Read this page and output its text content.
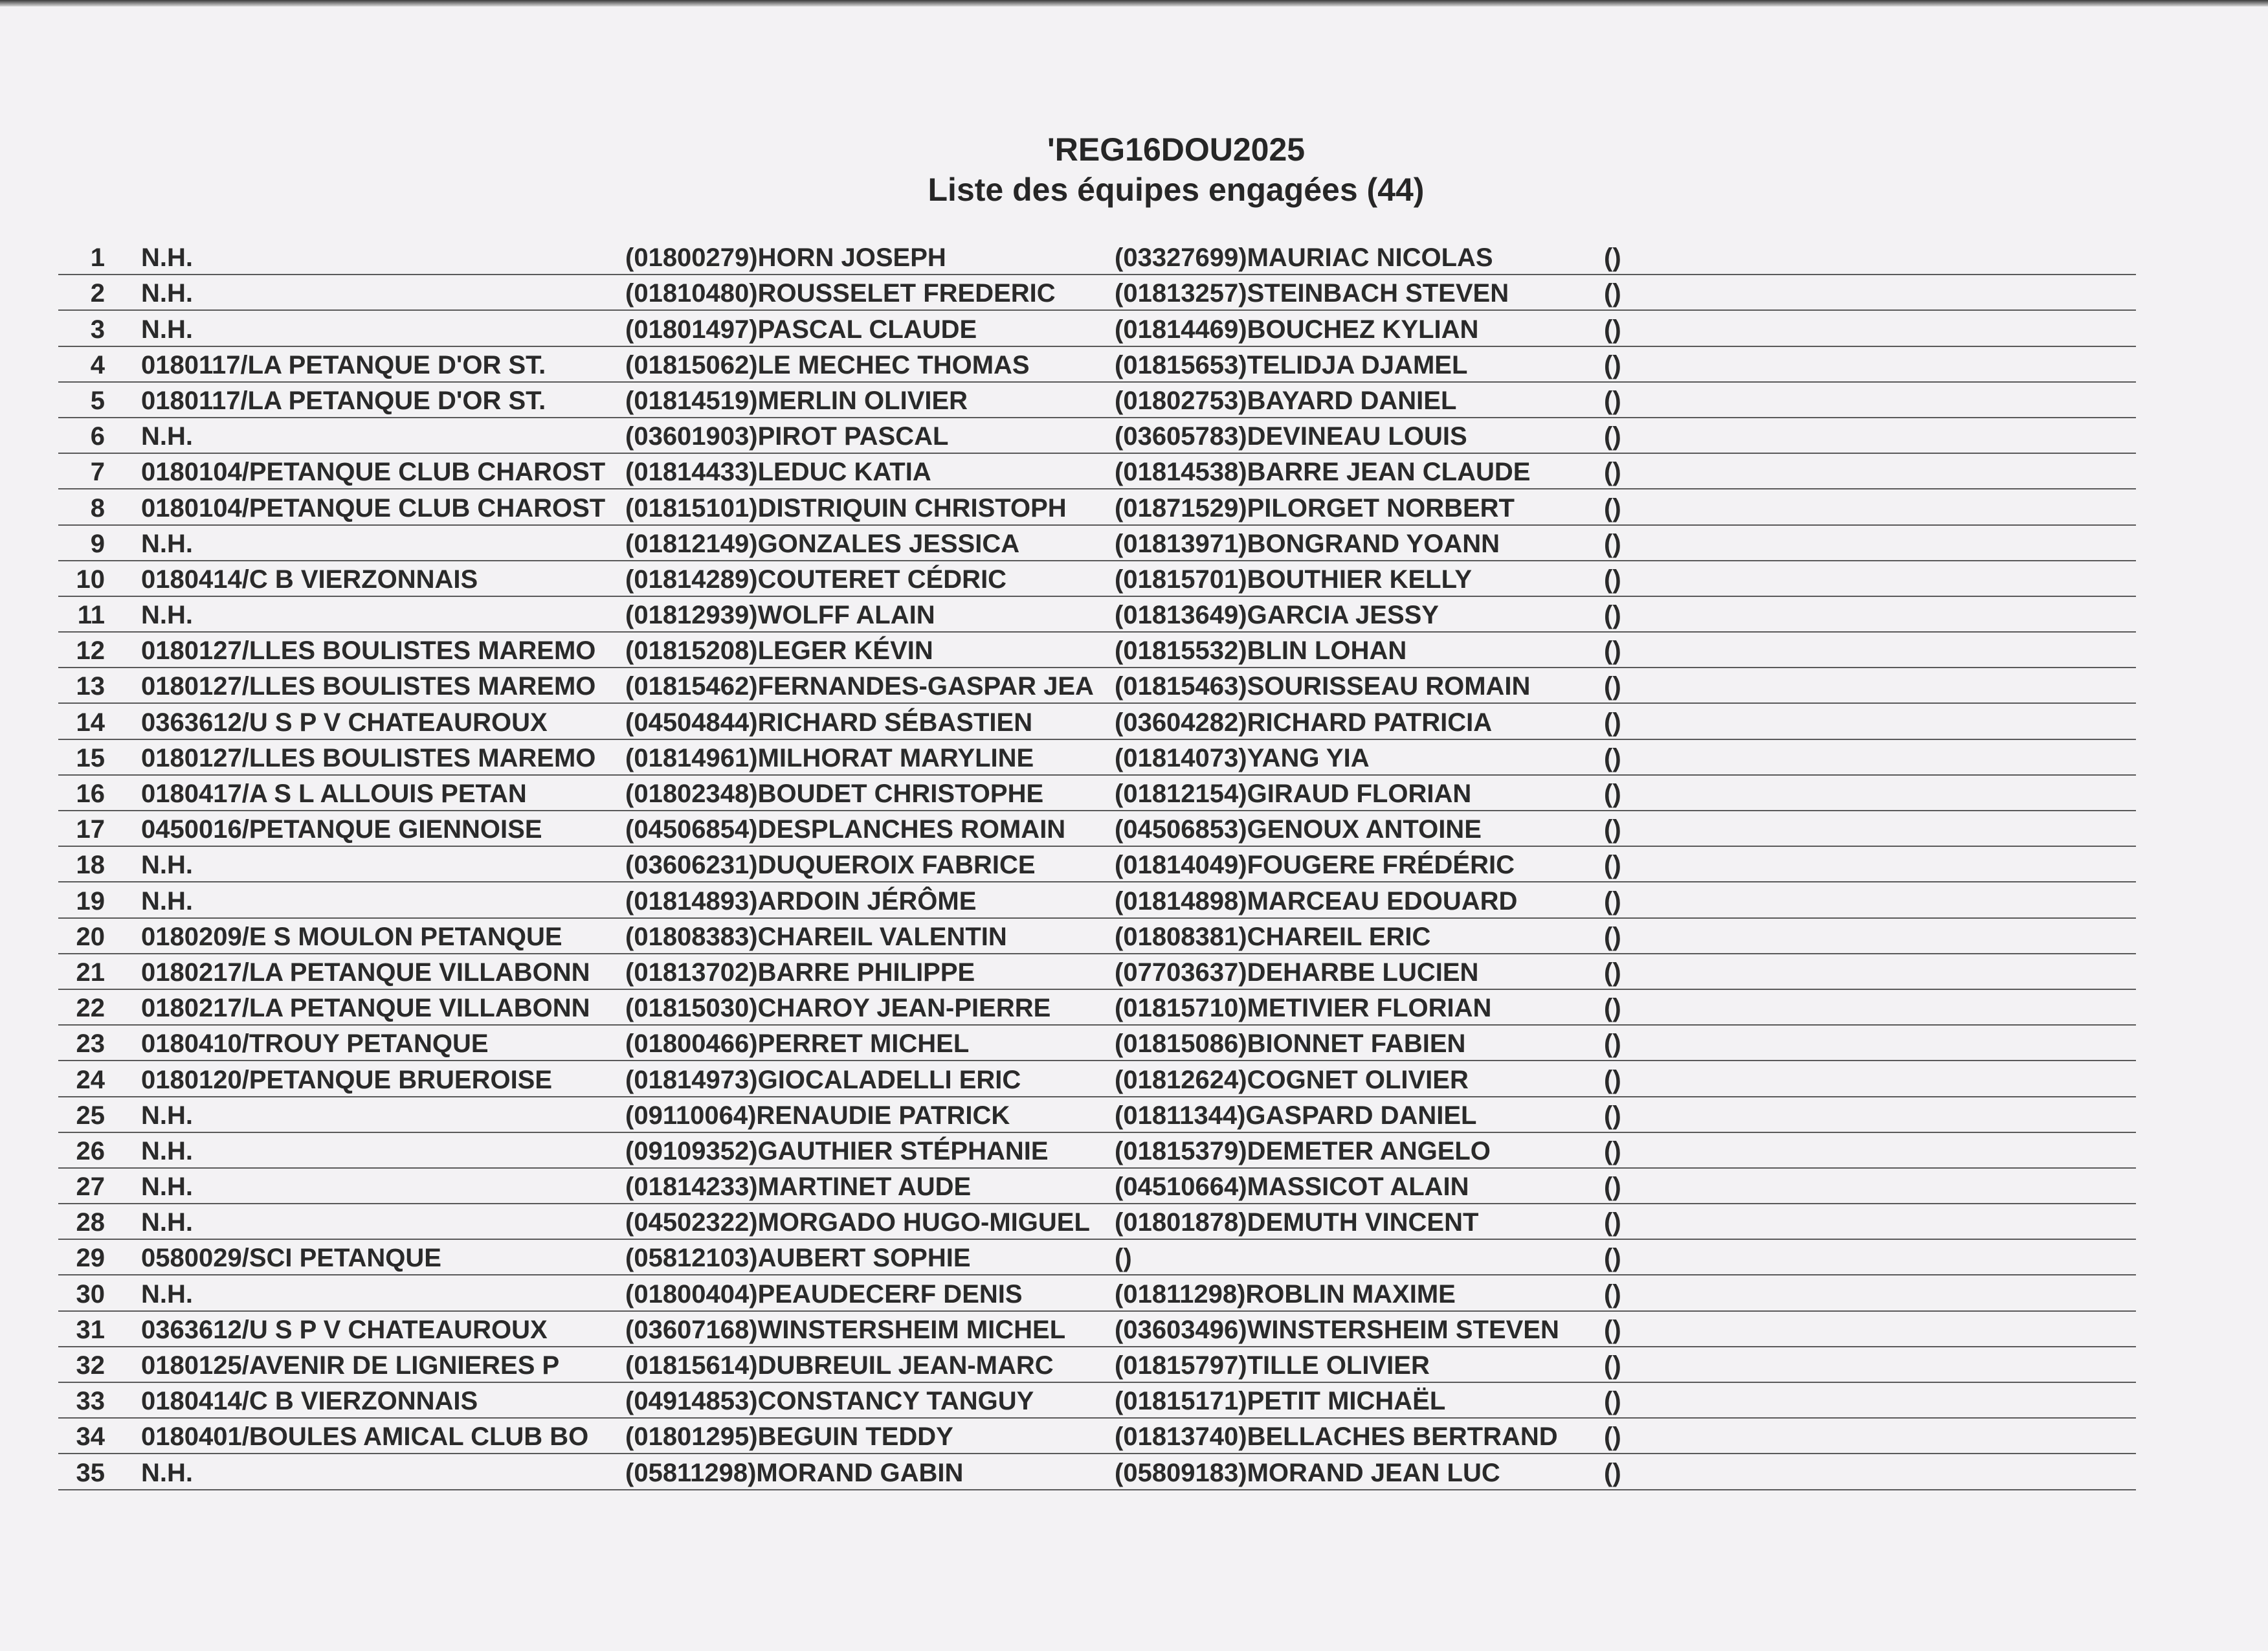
'REG16DOU2025
Liste des équipes engagées (44)
1 N.H.	(01800279)HORN JOSEPH	(03327699)MAURIAC NICOLAS	()
2 N.H.	(01810480)ROUSSELET FREDERIC	(01813257)STEINBACH STEVEN	()
3 N.H.	(01801497)PASCAL CLAUDE	(01814469)BOUCHEZ KYLIAN	()
4 0180117/LA PETANQUE D'OR ST.	(01815062)LE MECHEC THOMAS	(01815653)TELIDJA DJAMEL	()
5 0180117/LA PETANQUE D'OR ST.	(01814519)MERLIN OLIVIER	(01802753)BAYARD DANIEL	()
6 N.H.	(03601903)PIROT PASCAL	(03605783)DEVINEAU LOUIS	()
7 0180104/PETANQUE CLUB CHAROST (01814433)LEDUC KATIA	(01814538)BARRE JEAN CLAUDE	()
8 0180104/PETANQUE CLUB CHAROST (01815101)DISTRIQUIN CHRISTOPH	(01871529)PILORGET NORBERT	()
9 N.H.	(01812149)GONZALES JESSICA	(01813971)BONGRAND YOANN	()
10 0180414/C B VIERZONNAIS	(01814289)COUTERET CÉDRIC	(01815701)BOUTHIER KELLY	()
11 N.H.	(01812939)WOLFF ALAIN	(01813649)GARCIA JESSY	()
12 0180127/LLES BOULISTES MAREMO	(01815208)LEGER KÉVIN	(01815532)BLIN LOHAN	()
13 0180127/LLES BOULISTES MAREMO	(01815462)FERNANDES-GASPAR JEA (01815463)SOURISSEAU ROMAIN	()
14 0363612/U S P V CHATEAUROUX	(04504844)RICHARD SÉBASTIEN	(03604282)RICHARD PATRICIA	()
15 0180127/LLES BOULISTES MAREMO	(01814961)MILHORAT MARYLINE	(01814073)YANG YIA	()
16 0180417/A S L ALLOUIS PETAN	(01802348)BOUDET CHRISTOPHE	(01812154)GIRAUD FLORIAN	()
17 0450016/PETANQUE GIENNOISE	(04506854)DESPLANCHES ROMAIN	(04506853)GENOUX ANTOINE	()
18 N.H.	(03606231)DUQUEROIX FABRICE	(01814049)FOUGERE FRÉDÉRIC	()
19 N.H.	(01814893)ARDOIN JÉRÔME	(01814898)MARCEAU EDOUARD	()
20 0180209/E S MOULON PETANQUE	(01808383)CHAREIL VALENTIN	(01808381)CHAREIL ERIC	()
21 0180217/LA PETANQUE VILLABONN	(01813702)BARRE PHILIPPE	(07703637)DEHARBE LUCIEN	()
22 0180217/LA PETANQUE VILLABONN	(01815030)CHAROY JEAN-PIERRE	(01815710)METIVIER FLORIAN	()
23 0180410/TROUY PETANQUE	(01800466)PERRET MICHEL	(01815086)BIONNET FABIEN	()
24 0180120/PETANQUE BRUEROISE	(01814973)GIOCALADELLI ERIC	(01812624)COGNET OLIVIER	()
25 N.H.	(09110064)RENAUDIE PATRICK	(01811344)GASPARD DANIEL	()
26 N.H.	(09109352)GAUTHIER STÉPHANIE	(01815379)DEMETER ANGELO	()
27 N.H.	(01814233)MARTINET AUDE	(04510664)MASSICOT ALAIN	()
28 N.H.	(04502322)MORGADO HUGO-MIGUEL (01801878)DEMUTH VINCENT	()
29 0580029/SCI PETANQUE	(05812103)AUBERT SOPHIE	()	()
30 N.H.	(01800404)PEAUDECERF DENIS	(01811298)ROBLIN MAXIME	()
31 0363612/U S P V CHATEAUROUX	(03607168)WINSTERSHEIM MICHEL	(03603496)WINSTERSHEIM STEVEN	()
32 0180125/AVENIR DE LIGNIERES P	(01815614)DUBREUIL JEAN-MARC	(01815797)TILLE OLIVIER	()
33 0180414/C B VIERZONNAIS	(04914853)CONSTANCY TANGUY	(01815171)PETIT MICHAËL	()
34 0180401/BOULES AMICAL CLUB BO	(01801295)BEGUIN TEDDY	(01813740)BELLACHES BERTRAND	()
35 N.H.	(05811298)MORAND GABIN	(05809183)MORAND JEAN LUC	()
